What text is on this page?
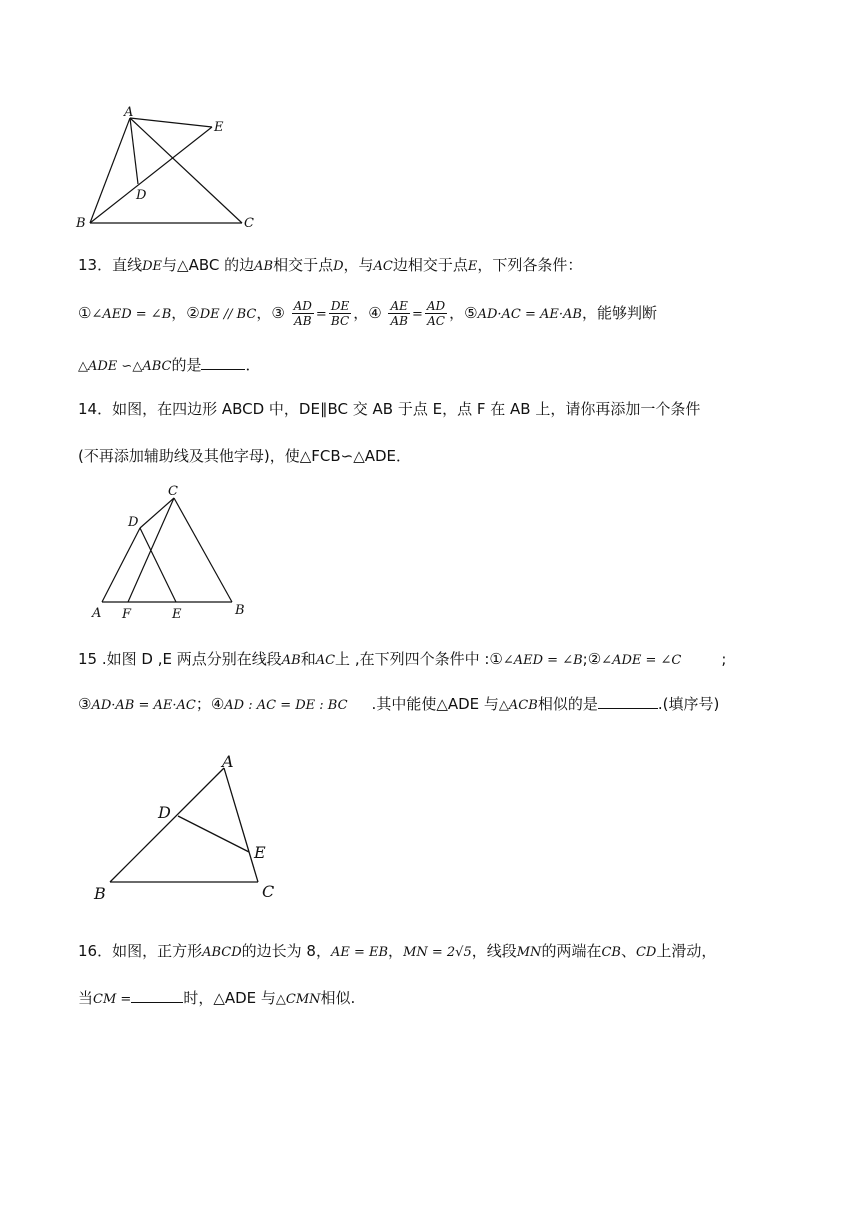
A
E
D
B	C
13．直线DE与△ABC 的边AB相交于点D，与AC边相交于点E，下列各条件：
①∠AED = ∠B，②DE // BC，③ $\frac{AD}{AB} = \frac{DE}{BC}$ ，④ $\frac{AE}{AB} = \frac{AD}{AC}$ ，⑤AD·AC = AE·AB，能够判断
△ADE ∽△ABC的是	．
14．如图，在四边形 ABCD 中，DE∥BC 交 AB 于点 E，点 F 在 AB 上，请你再添加一个条件
(不再添加辅助线及其他字母)，使△FCB∽△ADE．
C
D
A F	E	B
15 .如图 D ,E 两点分别在线段AB和AC上 ,在下列四个条件中 :①∠AED = ∠B;②∠ADE = ∠C	;
③AD·AB = AE·AC；④AD : AC = DE : BC .其中能使△ADE 与△ACB相似的是	.(填序号)
A
D
E
B	C
16．如图，正方形ABCD的边长为 8，AE = EB，MN = 2√5，线段MN的两端在CB、CD上滑动，
当CM =	时，△ADE 与△CMN相似.
